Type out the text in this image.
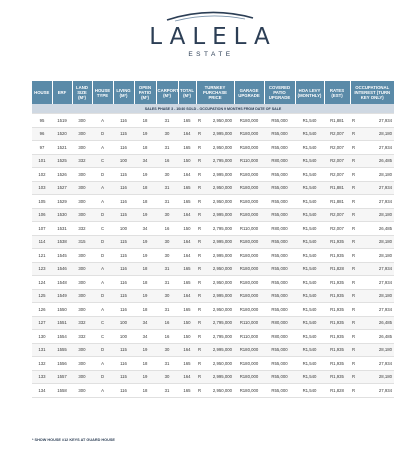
LALELA
ESTATE
HOUSE	ERF	LAND SIZE (M²)	HOUSE TYPE	LIVING (M²)	OPEN PATIO (M²)	CARPORT (M²)	TOTAL (M²)	TURNKEY PURCHASE PRICE		GARAGE UPGRADE	COVERED PATIO UPGRADE	HOA LEVY (MONTHLY)	RATES (EST)	OCCUPATIONAL INTEREST (TURN KEY ONLY)	
SALES PHASE 3 - 10/40 SOLD - OCCUPATION 9 MONTHS FROM DATE OF SALE															
95	1519	300	A	116	18	31	165	R	2,950,000	R180,000	R55,000	R1,540	R1,881	R	27,934
96	1520	300	D	115	19	30	164	R	2,995,000	R180,000	R55,000	R1,540	R2,007	R	28,180
97	1521	300	A	116	18	31	165	R	2,950,000	R180,000	R55,000	R1,540	R2,007	R	27,934
101	1525	332	C	100	34	16	150	R	2,795,000	R110,000	R80,000	R1,540	R2,007	R	26,485
102	1526	300	D	115	19	30	164	R	2,995,000	R180,000	R55,000	R1,540	R2,007	R	28,180
103	1527	300	A	116	18	31	165	R	2,950,000	R180,000	R55,000	R1,540	R1,881	R	27,934
105	1529	300	A	116	18	31	165	R	2,950,000	R180,000	R55,000	R1,540	R1,881	R	27,934
106	1530	300	D	115	19	30	164	R	2,995,000	R180,000	R55,000	R1,540	R2,007	R	28,180
107	1531	332	C	100	34	16	150	R	2,795,000	R110,000	R80,000	R1,540	R2,007	R	26,485
114	1538	315	D	115	19	30	164	R	2,995,000	R180,000	R55,000	R1,540	R1,935	R	28,180
121	1545	300	D	115	19	30	164	R	2,995,000	R180,000	R55,000	R1,540	R1,935	R	28,180
123	1546	300	A	116	18	31	165	R	2,950,000	R180,000	R55,000	R1,540	R1,828	R	27,934
124	1548	300	A	116	18	31	165	R	2,950,000	R180,000	R55,000	R1,540	R1,935	R	27,934
125	1549	300	D	115	19	30	164	R	2,995,000	R180,000	R55,000	R1,540	R1,935	R	28,180
126	1550	300	A	116	18	31	165	R	2,950,000	R180,000	R55,000	R1,540	R1,935	R	27,934
127	1551	332	C	100	34	16	150	R	2,795,000	R110,000	R80,000	R1,540	R1,935	R	26,485
130	1554	332	C	100	34	16	150	R	2,795,000	R110,000	R80,000	R1,540	R1,935	R	26,485
131	1555	300	D	115	19	30	164	R	2,995,000	R180,000	R55,000	R1,540	R1,935	R	28,180
132	1556	300	A	116	18	31	165	R	2,950,000	R180,000	R55,000	R1,540	R1,935	R	27,934
133	1557	300	D	115	19	30	164	R	2,995,000	R180,000	R55,000	R1,540	R1,935	R	28,180
134	1558	300	A	116	18	31	165	R	2,950,000	R180,000	R55,000	R1,540	R1,828	R	27,934
* SHOW HOUSE #12 KEYS AT GUARD HOUSE
